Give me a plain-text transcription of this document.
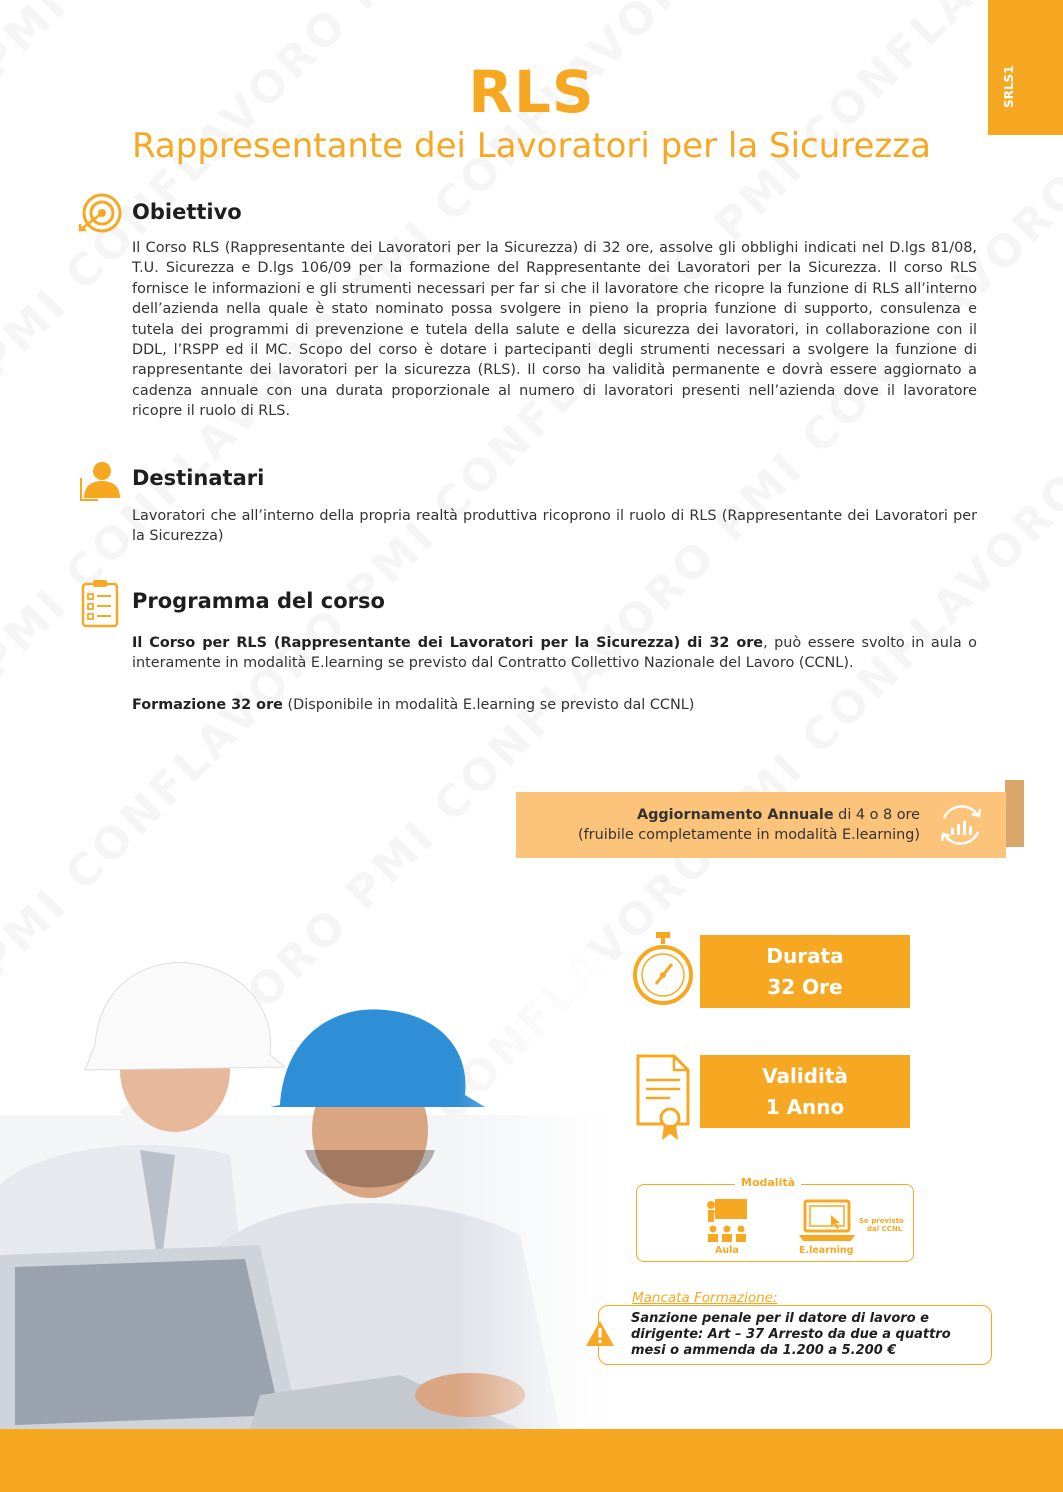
SRLS1
RLS
Rappresentante dei Lavoratori per la Sicurezza
Obiettivo
Il Corso RLS (Rappresentante dei Lavoratori per la Sicurezza) di 32 ore, assolve gli obblighi indicati nel D.lgs 81/08, T.U. Sicurezza e D.lgs 106/09 per la formazione del Rappresentante dei Lavoratori per la Sicurezza. Il corso RLS fornisce le informazioni e gli strumenti necessari per far si che il lavoratore che ricopre la funzione di RLS all’interno dell’azienda nella quale è stato nominato possa svolgere in pieno la propria funzione di supporto, consulenza e tutela dei programmi di prevenzione e tutela della salute e della sicurezza dei lavoratori, in collaborazione con il DDL, l’RSPP ed il MC. Scopo del corso è dotare i partecipanti degli strumenti necessari a svolgere la funzione di rappresentante dei lavoratori per la sicurezza (RLS). Il corso ha validità permanente e dovrà essere aggiornato a cadenza annuale con una durata proporzionale al numero di lavoratori presenti nell’azienda dove il lavoratore ricopre il ruolo di RLS.
Destinatari
Lavoratori che all’interno della propria realtà produttiva ricoprono il ruolo di RLS (Rappresentante dei Lavoratori per la Sicurezza)
Programma del corso
Il Corso per RLS (Rappresentante dei Lavoratori per la Sicurezza) di 32 ore, può essere svolto in aula o interamente in modalità E.learning se previsto dal Contratto Collettivo Nazionale del Lavoro (CCNL).
Formazione 32 ore (Disponibile in modalità E.learning se previsto dal CCNL)
Aggiornamento Annuale di 4 o 8 ore
(fruibile completamente in modalità E.learning)
Durata
32 Ore
Validità
1 Anno
Modalità
Aula	E.learning
Se previsto
dal CCNL
Mancata Formazione:
Sanzione penale per il datore di lavoro e dirigente: Art – 37 Arresto da due a quattro mesi o ammenda da 1.200 a 5.200 €
